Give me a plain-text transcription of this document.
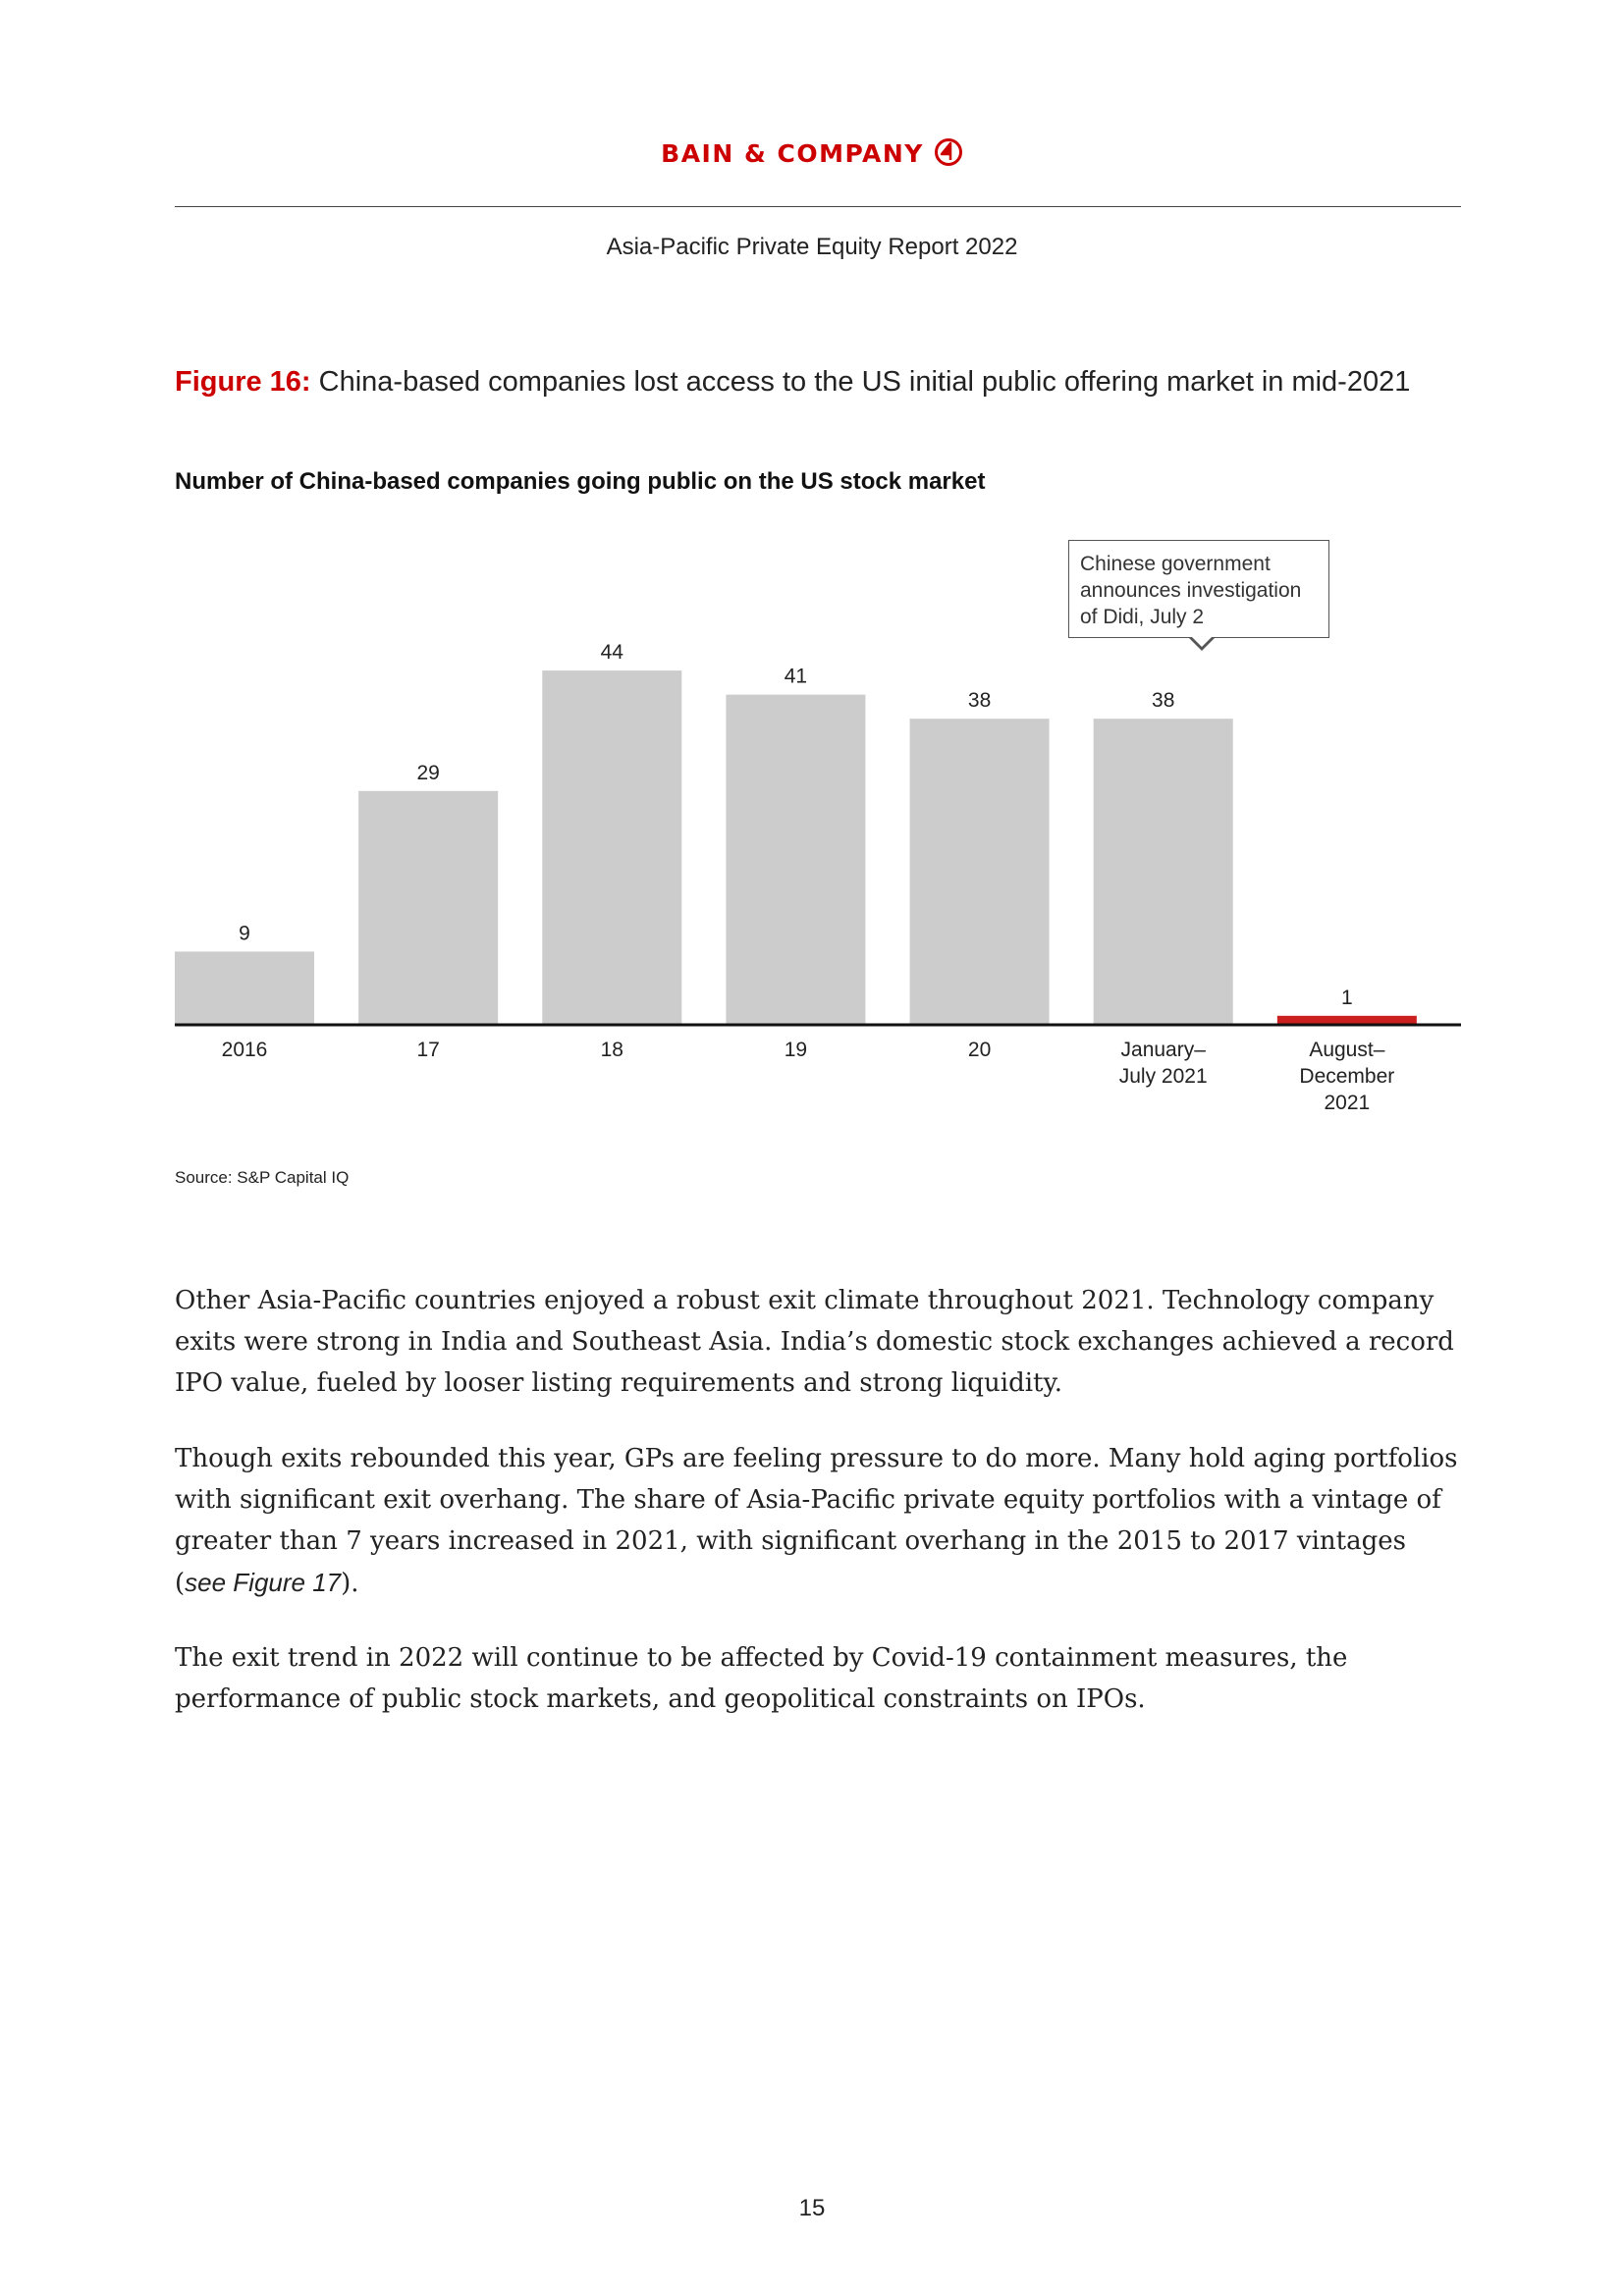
BAIN & COMPANY
Asia-Pacific Private Equity Report 2022
Figure 16: China-based companies lost access to the US initial public offering market in mid-2021
Number of China-based companies going public on the US stock market
9
2016
29
17
44
18
41
19
38
20
38
January– July 2021
1
August– December 2021
Chinese government announces investigation of Didi, July 2
Source: S&P Capital IQ

Other Asia-Pacific countries enjoyed a robust exit climate throughout 2021. Technology company exits were strong in India and Southeast Asia. India’s domestic stock exchanges achieved a record IPO value, fueled by looser listing requirements and strong liquidity.

Though exits rebounded this year, GPs are feeling pressure to do more. Many hold aging portfolios with significant exit overhang. The share of Asia-Pacific private equity portfolios with a vintage of greater than 7 years increased in 2021, with significant overhang in the 2015 to 2017 vintages (see Figure 17).

The exit trend in 2022 will continue to be affected by Covid-19 containment measures, the performance of public stock markets, and geopolitical constraints on IPOs.

15
